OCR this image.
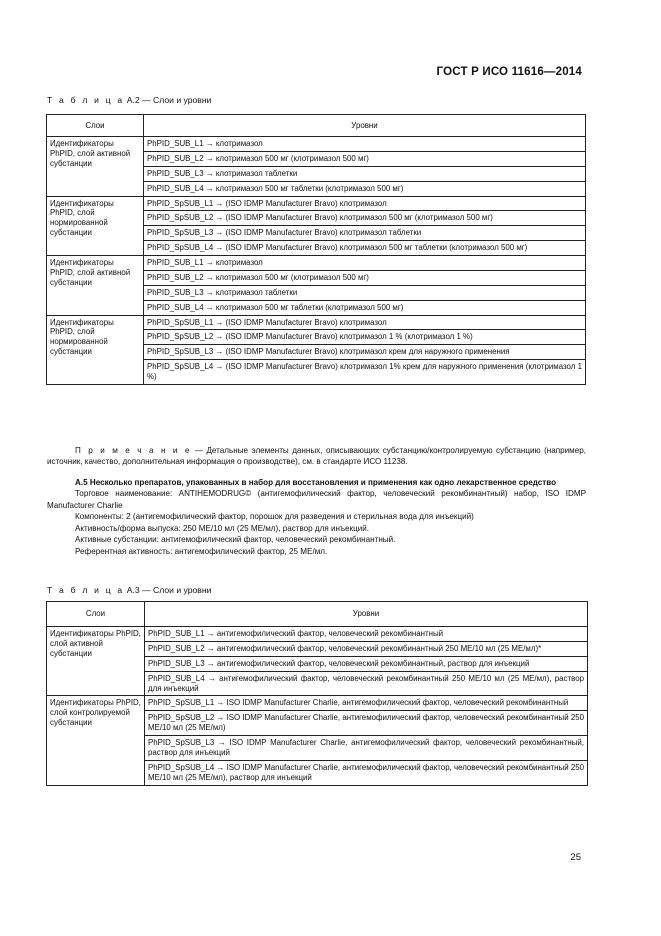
ГОСТ Р ИСО 11616—2014
Т а б л и ц а А.2 — Слои и уровни
Слои	Уровни
Идентификаторы PhPID, слой активной субстанции	PhPID_SUB_L1 → клотримазол
	PhPID_SUB_L2 → клотримазол 500 мг (клотримазол 500 мг)
	PhPID_SUB_L3 → клотримазол таблетки
	PhPID_SUB_L4 → клотримазол 500 мг таблетки (клотримазол 500 мг)
Идентификаторы PhPID, слой нормированной субстанции	PhPID_SpSUB_L1 → (ISO IDMP Manufacturer Bravo) клотримазол
	PhPID_SpSUB_L2 → (ISO IDMP Manufacturer Bravo) клотримазол 500 мг (клотримазол 500 мг)
	PhPID_SpSUB_L3 → (ISO IDMP Manufacturer Bravo) клотримазол таблетки
	PhPID_SpSUB_L4 → (ISO IDMP Manufacturer Bravo) клотримазол 500 мг таблетки (клотримазол 500 мг)
Идентификаторы PhPID, слой активной субстанции	PhPID_SUB_L1 → клотримазол
	PhPID_SUB_L2 → клотримазол 500 мг (клотримазол 500 мг)
	PhPID_SUB_L3 → клотримазол таблетки
	PhPID_SUB_L4 → клотримазол 500 мг таблетки (клотримазол 500 мг)
Идентификаторы PhPID, слой нормированной субстанции	PhPID_SpSUB_L1 → (ISO IDMP Manufacturer Bravo) клотримазол
	PhPID_SpSUB_L2 → (ISO IDMP Manufacturer Bravo) клотримазол 1 % (клотримазол 1 %)
	PhPID_SpSUB_L3 → (ISO IDMP Manufacturer Bravo) клотримазол крем для наружного применения
	PhPID_SpSUB_L4 → (ISO IDMP Manufacturer Bravo) клотримазол 1% крем для наружного применения (клотримазол 1 %)

П р и м е ч а н и е — Детальные элементы данных, описывающих субстанцию/контролируемую субстанцию (например, источник, качество, дополнительная информация о производстве), см. в стандарте ИСО 11238.

А.5 Несколько препаратов, упакованных в набор для восстановления и применения как одно лекарственное средство

Торговое наименование: ANTIHEMODRUG© (антигемофилический фактор, человеческий рекомбинантный) набор, ISO IDMP Manufacturer Charlie

Компоненты: 2 (антигемофилический фактор, порошок для разведения и стерильная вода для инъекций)

Активность/форма выпуска: 250 МЕ/10 мл (25 МЕ/мл), раствор для инъекций.

Активные субстанции: антигемофилический фактор, человеческий рекомбинантный.

Референтная активность: антигемофилический фактор, 25 МЕ/мл.

Т а б л и ц а А.3 — Слои и уровни
Слои	Уровни
Идентификаторы PhPID, слой активной субстанции	PhPID_SUB_L1 → антигемофилический фактор, человеческий рекомбинантный
	PhPID_SUB_L2 → антигемофилический фактор, человеческий рекомбинантный 250 МЕ/10 мл (25 МЕ/мл)*
	PhPID_SUB_L3 → антигемофилический фактор, человеческий рекомбинантный, раствор для инъекций
	PhPID_SUB_L4 → антигемофилический фактор, человеческий рекомбинантный 250 МЕ/10 мл (25 МЕ/мл), раствор для инъекций
Идентификаторы PhPID, слой контролируемой субстанции	PhPID_SpSUB_L1 → ISO IDMP Manufacturer Charlie, антигемофилический фактор, человеческий рекомбинантный
	PhPID_SpSUB_L2 → ISO IDMP Manufacturer Charlie, антигемофилический фактор, человеческий рекомбинантный 250 МЕ/10 мл (25 МЕ/мл)
	PhPID_SpSUB_L3 → ISO IDMP Manufacturer Charlie, антигемофилический фактор, человеческий рекомбинантный, раствор для инъекций
	PhPID_SpSUB_L4 → ISO IDMP Manufacturer Charlie, антигемофилический фактор, человеческий рекомбинантный 250 МЕ/10 мл (25 МЕ/мл), раствор для инъекций
25
